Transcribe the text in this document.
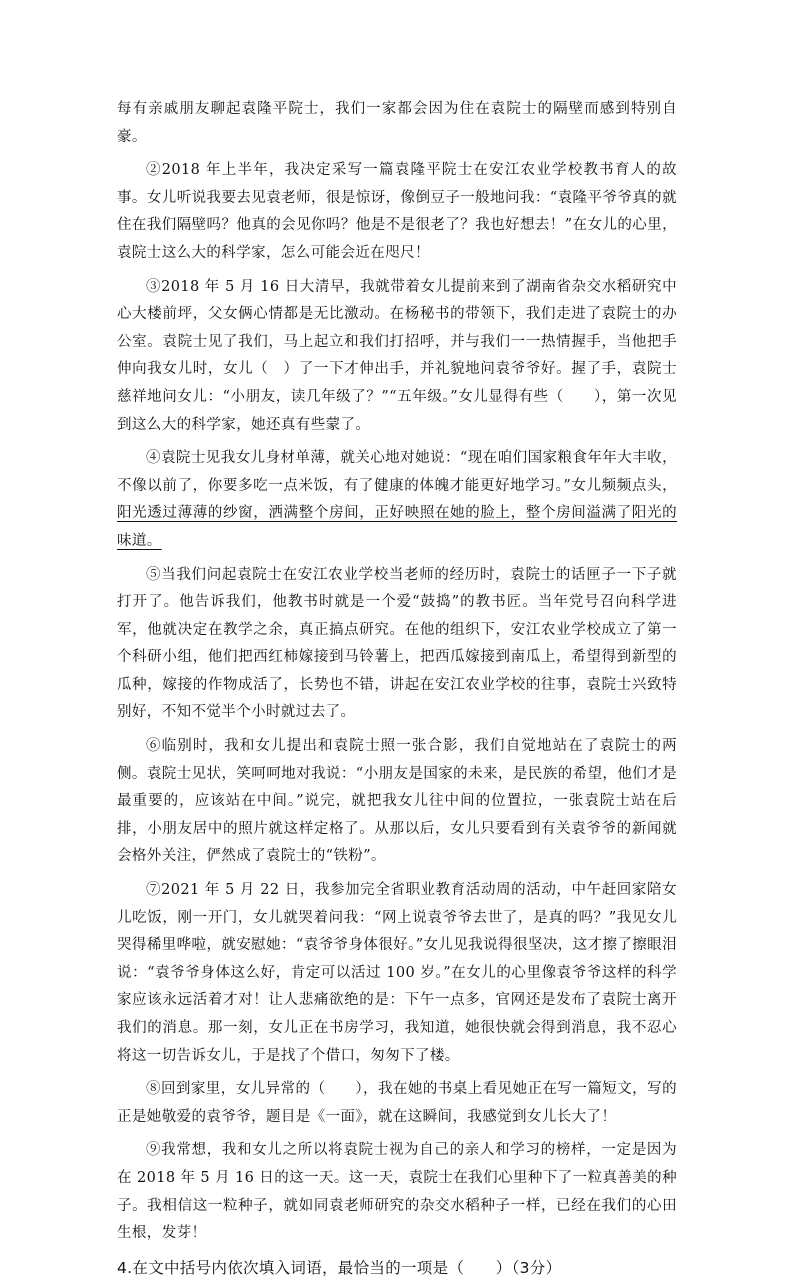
每有亲戚朋友聊起袁隆平院士，我们一家都会因为住在袁院士的隔壁而感到特别自豪。

②2018 年上半年，我决定采写一篇袁隆平院士在安江农业学校教书育人的故事。女儿听说我要去见袁老师，很是惊讶，像倒豆子一般地问我：“袁隆平爷爷真的就住在我们隔壁吗？他真的会见你吗？他是不是很老了？我也好想去！”在女儿的心里，袁院士这么大的科学家，怎么可能会近在咫尺！

③2018 年 5 月 16 日大清早，我就带着女儿提前来到了湖南省杂交水稻研究中心大楼前坪，父女俩心情都是无比激动。在杨秘书的带领下，我们走进了袁院士的办公室。袁院士见了我们，马上起立和我们打招呼，并与我们一一热情握手，当他把手伸向我女儿时，女儿（　）了一下才伸出手，并礼貌地问袁爷爷好。握了手，袁院士慈祥地问女儿：“小朋友，读几年级了？”“五年级。”女儿显得有些（　　），第一次见到这么大的科学家，她还真有些蒙了。

④袁院士见我女儿身材单薄，就关心地对她说：“现在咱们国家粮食年年大丰收，不像以前了，你要多吃一点米饭，有了健康的体魄才能更好地学习。”女儿频频点头，阳光透过薄薄的纱窗，洒满整个房间，正好映照在她的脸上，整个房间溢满了阳光的味道。

⑤当我们问起袁院士在安江农业学校当老师的经历时，袁院士的话匣子一下子就打开了。他告诉我们，他教书时就是一个爱“鼓捣”的教书匠。当年党号召向科学进军，他就决定在教学之余，真正搞点研究。在他的组织下，安江农业学校成立了第一个科研小组，他们把西红柿嫁接到马铃薯上，把西瓜嫁接到南瓜上，希望得到新型的瓜种，嫁接的作物成活了，长势也不错，讲起在安江农业学校的往事，袁院士兴致特别好，不知不觉半个小时就过去了。

⑥临别时，我和女儿提出和袁院士照一张合影，我们自觉地站在了袁院士的两侧。袁院士见状，笑呵呵地对我说：“小朋友是国家的未来，是民族的希望，他们才是最重要的，应该站在中间。”说完，就把我女儿往中间的位置拉，一张袁院士站在后排，小朋友居中的照片就这样定格了。从那以后，女儿只要看到有关袁爷爷的新闻就会格外关注，俨然成了袁院士的“铁粉”。

⑦2021 年 5 月 22 日，我参加完全省职业教育活动周的活动，中午赶回家陪女儿吃饭，刚一开门，女儿就哭着问我：“网上说袁爷爷去世了，是真的吗？”我见女儿哭得稀里哗啦，就安慰她：“袁爷爷身体很好。”女儿见我说得很坚决，这才擦了擦眼泪说：“袁爷爷身体这么好，肯定可以活过 100 岁。”在女儿的心里像袁爷爷这样的科学家应该永远活着才对！让人悲痛欲绝的是：下午一点多，官网还是发布了袁院士离开我们的消息。那一刻，女儿正在书房学习，我知道，她很快就会得到消息，我不忍心将这一切告诉女儿，于是找了个借口，匆匆下了楼。

⑧回到家里，女儿异常的（　　），我在她的书桌上看见她正在写一篇短文，写的正是她敬爱的袁爷爷，题目是《一面》，就在这瞬间，我感觉到女儿长大了！

⑨我常想，我和女儿之所以将袁院士视为自己的亲人和学习的榜样，一定是因为在 2018 年 5 月 16 日的这一天。这一天，袁院士在我们心里种下了一粒真善美的种子。我相信这一粒种子，就如同袁老师研究的杂交水稻种子一样，已经在我们的心田生根，发芽！

4.在文中括号内依次填入词语，最恰当的一项是（　　）（3分）
